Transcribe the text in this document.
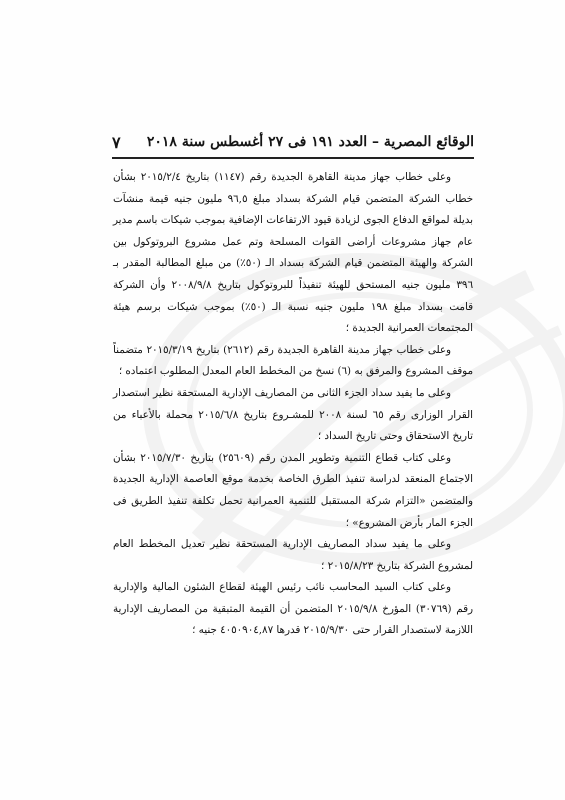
الوقائع المصرية – العدد ١٩١ فى ٢٧ أغسطس سنة ٢٠١٨
٧

وعلى خطاب جهاز مدينة القاهرة الجديدة رقم (١١٤٧) بتاريخ ٢٠١٥/٢/٤ بشأن خطاب الشركة المتضمن قيام الشركة بسداد مبلغ ٩٦,٥ مليون جنيه قيمة منشآت بديلة لمواقع الدفاع الجوى لزيادة قيود الارتفاعات الإضافية بموجب شيكات باسم مدير عام جهاز مشروعات أراضى القوات المسلحة وتم عمل مشروع البروتوكول بين الشركة والهيئة المتضمن قيام الشركة بسداد الـ (٥٠٪) من مبلغ المطالبة المقدر بـ ٣٩٦ مليون جنيه المستحق للهيئة تنفيذاً للبروتوكول بتاريخ ٢٠٠٨/٩/٨ وأن الشركة قامت بسداد مبلغ ١٩٨ مليون جنيه نسبة الـ (٥٠٪) بموجب شيكات برسم هيئة المجتمعات العمرانية الجديدة ؛

وعلى خطاب جهاز مدينة القاهرة الجديدة رقم (٢٦١٢) بتاريخ ٢٠١٥/٣/١٩ متضمناً موقف المشروع والمرفق به (٦) نسخ من المخطط العام المعدل المطلوب اعتماده ؛

وعلى ما يفيد سداد الجزء الثانى من المصاريف الإدارية المستحقة نظير استصدار القرار الوزارى رقم ٦٥ لسنة ٢٠٠٨ للمشـروع بتاريخ ٢٠١٥/٦/٨ محملة بالأعباء من تاريخ الاستحقاق وحتى تاريخ السداد ؛

وعلى كتاب قطاع التنمية وتطوير المدن رقم (٢٥٦٠٩) بتاريخ ٢٠١٥/٧/٣٠ بشأن الاجتماع المنعقد لدراسة تنفيذ الطرق الخاصة بخدمة موقع العاصمة الإدارية الجديدة والمتضمن «التزام شركة المستقبل للتنمية العمرانية تحمل تكلفة تنفيذ الطريق فى الجزء المار بأرض المشروع» ؛

وعلى ما يفيد سداد المصاريف الإدارية المستحقة نظير تعديل المخطط العام لمشروع الشركة بتاريخ ٢٠١٥/٨/٢٣ ؛

وعلى كتاب السيد المحاسب نائب رئيس الهيئة لقطاع الشئون المالية والإدارية رقم (٣٠٧٦٩) المؤرخ ٢٠١٥/٩/٨ المتضمن أن القيمة المتبقية من المصاريف الإدارية اللازمة لاستصدار القرار حتى ٢٠١٥/٩/٣٠ قدرها ٤٠٥٠٩٠٤,٨٧ جنيه ؛
